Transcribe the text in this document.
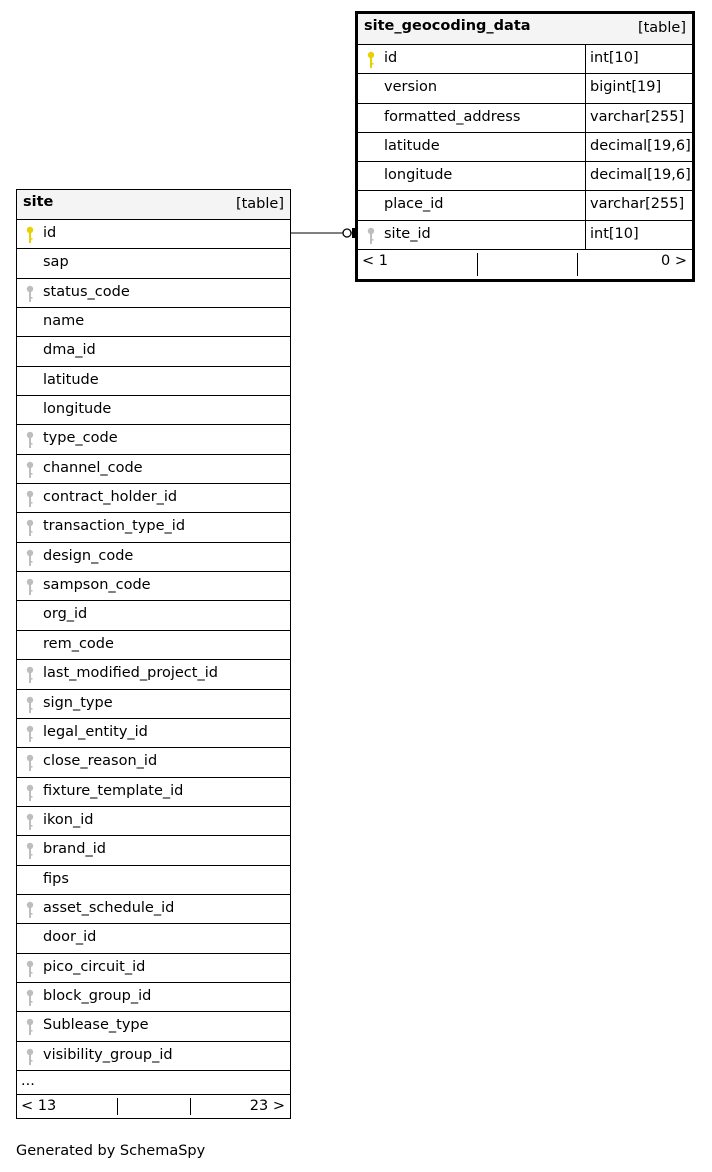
site_geocoding_data	[table]
id	int[10]
version	bigint[19]
formatted_address	varchar[255]
latitude	decimal[19,6]
longitude	decimal[19,6]
place_id	varchar[255]
site_id	int[10]
< 1	0 >
site	[table]
id
sap
status_code
name
dma_id
latitude
longitude
type_code
channel_code
contract_holder_id
transaction_type_id
design_code
sampson_code
org_id
rem_code
last_modified_project_id
sign_type
legal_entity_id
close_reason_id
fixture_template_id
ikon_id
brand_id
fips
asset_schedule_id
door_id
pico_circuit_id
block_group_id
Sublease_type
visibility_group_id
...
< 13	23 >
Generated by SchemaSpy
